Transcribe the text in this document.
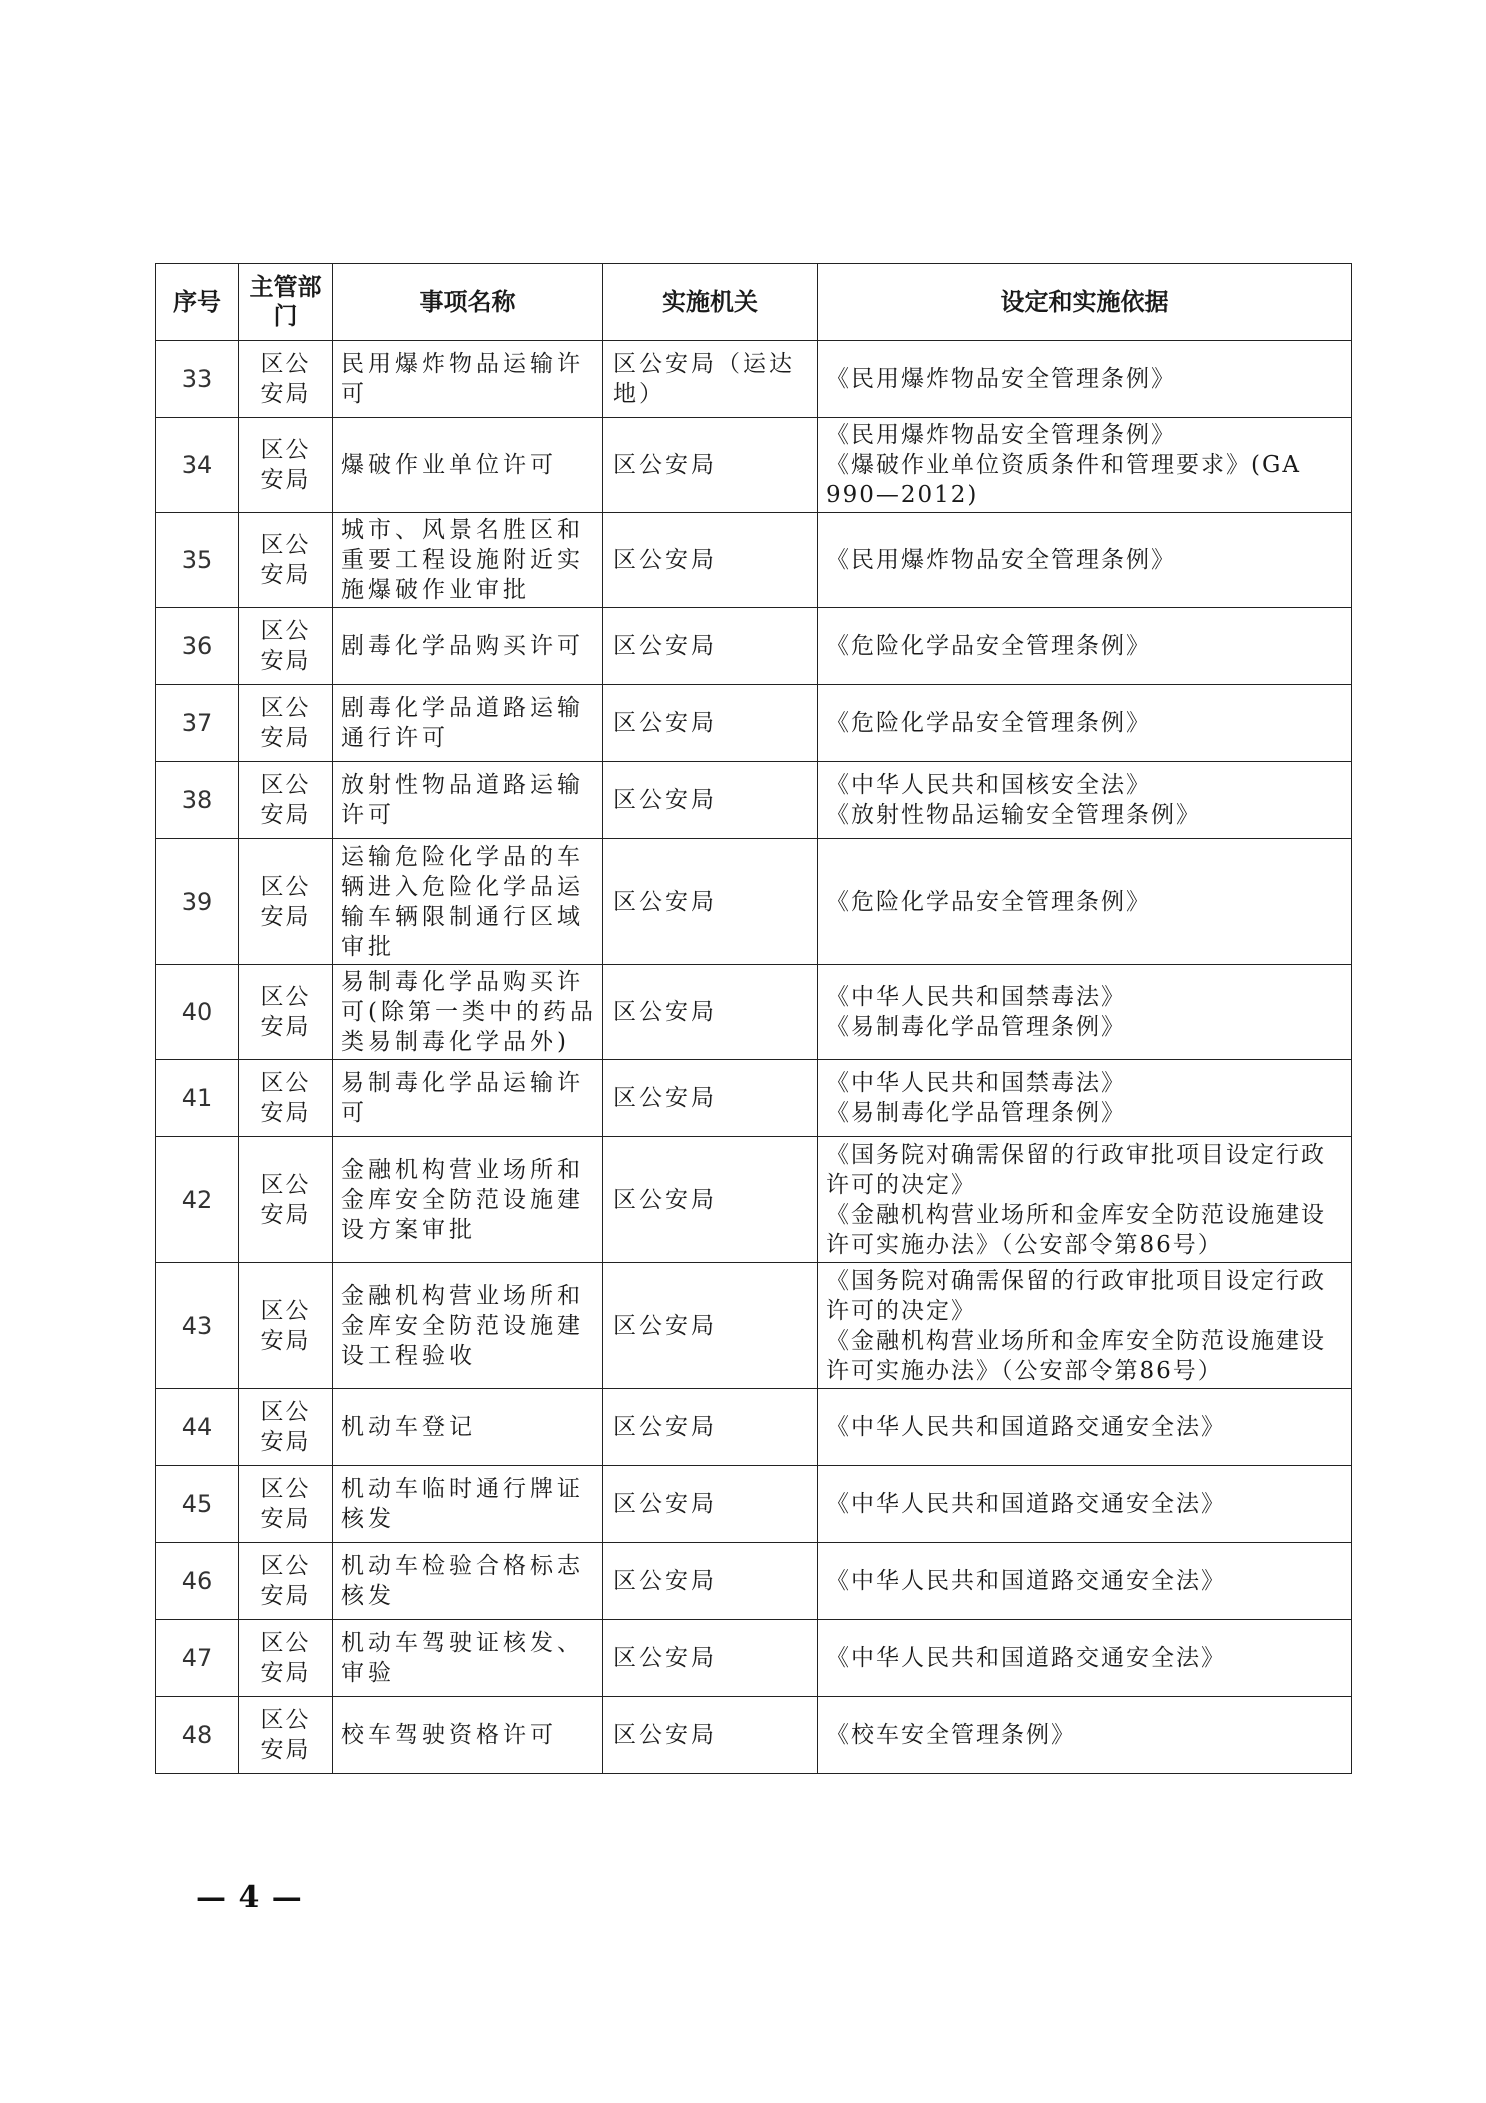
序号	主管部门	事项名称	实施机关	设定和实施依据
33	区公安局	民用爆炸物品运输许可	区公安局（运达地）	《民用爆炸物品安全管理条例》
34	区公安局	爆破作业单位许可	区公安局	《民用爆炸物品安全管理条例》
《爆破作业单位资质条件和管理要求》(GA 990—2012)
35	区公安局	城市、风景名胜区和重要工程设施附近实施爆破作业审批	区公安局	《民用爆炸物品安全管理条例》
36	区公安局	剧毒化学品购买许可	区公安局	《危险化学品安全管理条例》
37	区公安局	剧毒化学品道路运输通行许可	区公安局	《危险化学品安全管理条例》
38	区公安局	放射性物品道路运输许可	区公安局	《中华人民共和国核安全法》
《放射性物品运输安全管理条例》
39	区公安局	运输危险化学品的车辆进入危险化学品运输车辆限制通行区域审批	区公安局	《危险化学品安全管理条例》
40	区公安局	易制毒化学品购买许可(除第一类中的药品类易制毒化学品外)	区公安局	《中华人民共和国禁毒法》
《易制毒化学品管理条例》
41	区公安局	易制毒化学品运输许可	区公安局	《中华人民共和国禁毒法》
《易制毒化学品管理条例》
42	区公安局	金融机构营业场所和金库安全防范设施建设方案审批	区公安局	《国务院对确需保留的行政审批项目设定行政许可的决定》
《金融机构营业场所和金库安全防范设施建设许可实施办法》（公安部令第86号）
43	区公安局	金融机构营业场所和金库安全防范设施建设工程验收	区公安局	《国务院对确需保留的行政审批项目设定行政许可的决定》
《金融机构营业场所和金库安全防范设施建设许可实施办法》（公安部令第86号）
44	区公安局	机动车登记	区公安局	《中华人民共和国道路交通安全法》
45	区公安局	机动车临时通行牌证核发	区公安局	《中华人民共和国道路交通安全法》
46	区公安局	机动车检验合格标志核发	区公安局	《中华人民共和国道路交通安全法》
47	区公安局	机动车驾驶证核发、审验	区公安局	《中华人民共和国道路交通安全法》
48	区公安局	校车驾驶资格许可	区公安局	《校车安全管理条例》
— 4 —
